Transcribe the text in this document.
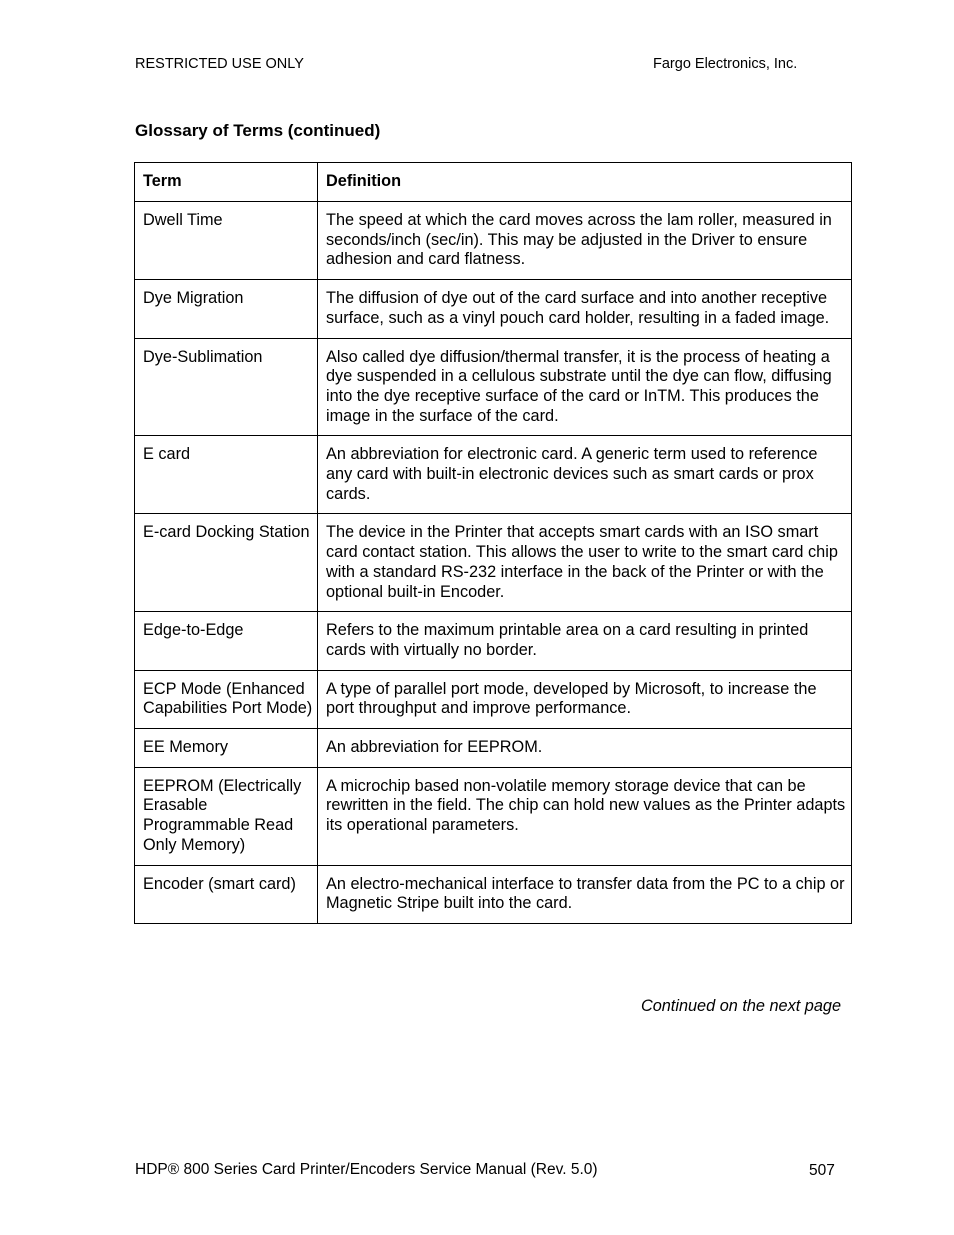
RESTRICTED USE ONLY	Fargo Electronics, Inc.
Glossary of Terms (continued)
Term	Definition
Dwell Time	The speed at which the card moves across the lam roller, measured in seconds/inch (sec/in). This may be adjusted in the Driver to ensure adhesion and card flatness.
Dye Migration	The diffusion of dye out of the card surface and into another receptive surface, such as a vinyl pouch card holder, resulting in a faded image.
Dye-Sublimation	Also called dye diffusion/thermal transfer, it is the process of heating a dye suspended in a cellulous substrate until the dye can flow, diffusing into the dye receptive surface of the card or InTM. This produces the image in the surface of the card.
E card	An abbreviation for electronic card. A generic term used to reference any card with built-in electronic devices such as smart cards or prox cards.
E-card Docking Station	The device in the Printer that accepts smart cards with an ISO smart card contact station. This allows the user to write to the smart card chip with a standard RS-232 interface in the back of the Printer or with the optional built-in Encoder.
Edge-to-Edge	Refers to the maximum printable area on a card resulting in printed cards with virtually no border.
ECP Mode (Enhanced Capabilities Port Mode)	A type of parallel port mode, developed by Microsoft, to increase the port throughput and improve performance.
EE Memory	An abbreviation for EEPROM.
EEPROM (Electrically Erasable Programmable Read Only Memory)	A microchip based non-volatile memory storage device that can be rewritten in the field. The chip can hold new values as the Printer adapts its operational parameters.
Encoder (smart card)	An electro-mechanical interface to transfer data from the PC to a chip or Magnetic Stripe built into the card.
Continued on the next page
HDP® 800 Series Card Printer/Encoders Service Manual (Rev. 5.0)	507
